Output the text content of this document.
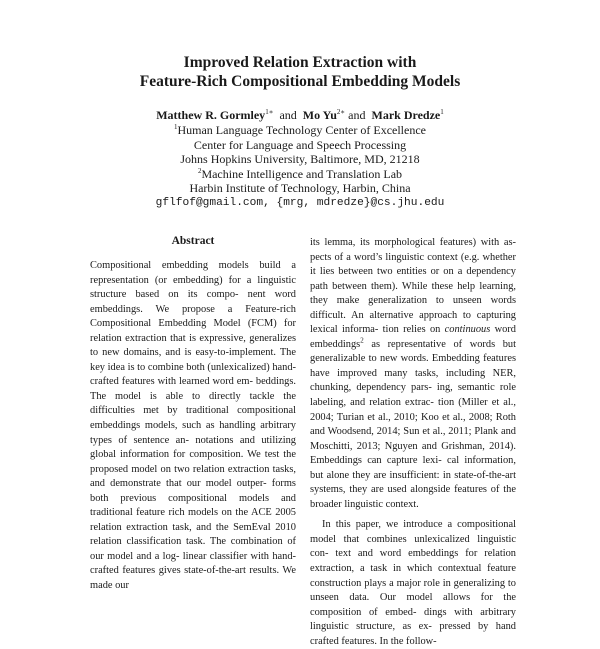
Improved Relation Extraction with
Feature-Rich Compositional Embedding Models
Matthew R. Gormley$^{1∗}$ and Mo $Yu^{2∗}$ and Mark Dredze$^1$
$^1$Human Language Technology Center of Excellence
Center for Language and Speech Processing
Johns Hopkins University, Baltimore, MD, 21218
$^2$Machine Intelligence and Translation Lab
Harbin Institute of Technology, Harbin, China
gflfof@gmail.com, {mrg, mdredze}@cs.jhu.edu
Abstract

Compositional embedding models build a representation (or embedding) for a linguistic structure based on its compo- nent word embeddings. We propose a Feature-rich Compositional Embedding Model (FCM) for relation extraction that is expressive, generalizes to new domains, and is easy-to-implement. The key idea is to combine both (unlexicalized) hand- crafted features with learned word em- beddings. The model is able to directly tackle the difficulties met by traditional compositional embeddings models, such as handling arbitrary types of sentence an- notations and utilizing global information for composition. We test the proposed model on two relation extraction tasks, and demonstrate that our model outper- forms both previous compositional models and traditional feature rich models on the ACE 2005 relation extraction task, and the SemEval 2010 relation classification task. The combination of our model and a log- linear classifier with hand-crafted features gives state-of-the-art results. We made our

its lemma, its morphological features) with as- pects of a word’s linguistic context (e.g. whether it lies between two entities or on a dependency path between them). While these help learning, they make generalization to unseen words difficult. An alternative approach to capturing lexical informa- tion relies on continuous word embeddings$^2$ as representative of words but generalizable to new words. Embedding features have improved many tasks, including NER, chunking, dependency pars- ing, semantic role labeling, and relation extrac- tion (Miller et al., 2004; Turian et al., 2010; Koo et al., 2008; Roth and Woodsend, 2014; Sun et al., 2011; Plank and Moschitti, 2013; Nguyen and Grishman, 2014). Embeddings can capture lexi- cal information, but alone they are insufficient: in state-of-the-art systems, they are used alongside features of the broader linguistic context.

In this paper, we introduce a compositional model that combines unlexicalized linguistic con- text and word embeddings for relation extraction, a task in which contextual feature construction plays a major role in generalizing to unseen data. Our model allows for the composition of embed- dings with arbitrary linguistic structure, as ex- pressed by hand crafted features. In the follow-
